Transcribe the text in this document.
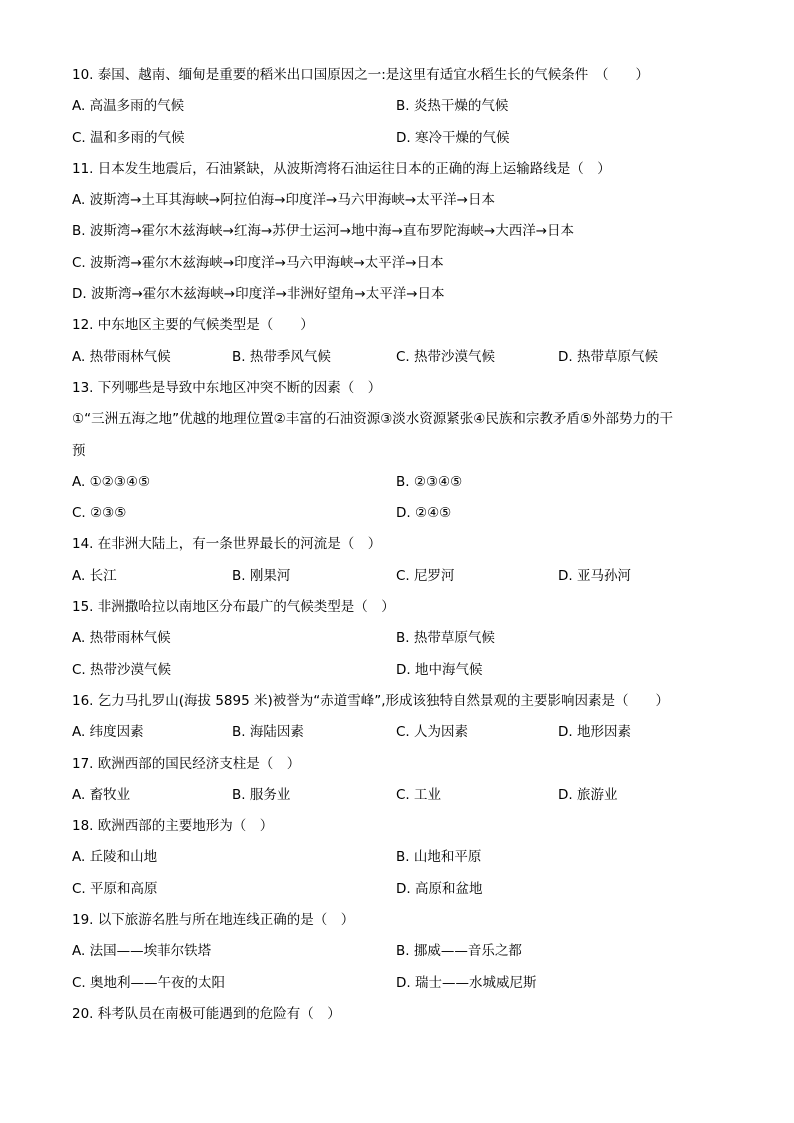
10. 泰国、越南、缅甸是重要的稻米出口国原因之一:是这里有适宜水稻生长的气候条件　（　　）
A. 高温多雨的气候	B. 炎热干燥的气候
C. 温和多雨的气候	D. 寒冷干燥的气候
11. 日本发生地震后，石油紧缺，从波斯湾将石油运往日本的正确的海上运输路线是（　）
A. 波斯湾→土耳其海峡→阿拉伯海→印度洋→马六甲海峡→太平洋→日本
B. 波斯湾→霍尔木兹海峡→红海→苏伊士运河→地中海→直布罗陀海峡→大西洋→日本
C. 波斯湾→霍尔木兹海峡→印度洋→马六甲海峡→太平洋→日本
D. 波斯湾→霍尔木兹海峡→印度洋→非洲好望角→太平洋→日本
12. 中东地区主要的气候类型是（　　）
A. 热带雨林气候	B. 热带季风气候	C. 热带沙漠气候	D. 热带草原气候
13. 下列哪些是导致中东地区冲突不断的因素（　）
①“三洲五海之地”优越的地理位置②丰富的石油资源③淡水资源紧张④民族和宗教矛盾⑤外部势力的干
预
A. ①②③④⑤	B. ②③④⑤
C. ②③⑤	D. ②④⑤
14. 在非洲大陆上，有一条世界最长的河流是（　）
A. 长江	B. 刚果河	C. 尼罗河	D. 亚马孙河
15. 非洲撒哈拉以南地区分布最广的气候类型是（　）
A. 热带雨林气候	B. 热带草原气候
C. 热带沙漠气候	D. 地中海气候
16. 乞力马扎罗山(海拔 5895 米)被誉为“赤道雪峰”,形成该独特自然景观的主要影响因素是（　　）
A. 纬度因素	B. 海陆因素	C. 人为因素	D. 地形因素
17. 欧洲西部的国民经济支柱是（　）
A. 畜牧业	B. 服务业	C. 工业	D. 旅游业
18. 欧洲西部的主要地形为（　）
A. 丘陵和山地	B. 山地和平原
C. 平原和高原	D. 高原和盆地
19. 以下旅游名胜与所在地连线正确的是（　）
A. 法国——埃菲尔铁塔	B. 挪威——音乐之都
C. 奥地利——午夜的太阳	D. 瑞士——水城威尼斯
20. 科考队员在南极可能遇到的危险有（　）
